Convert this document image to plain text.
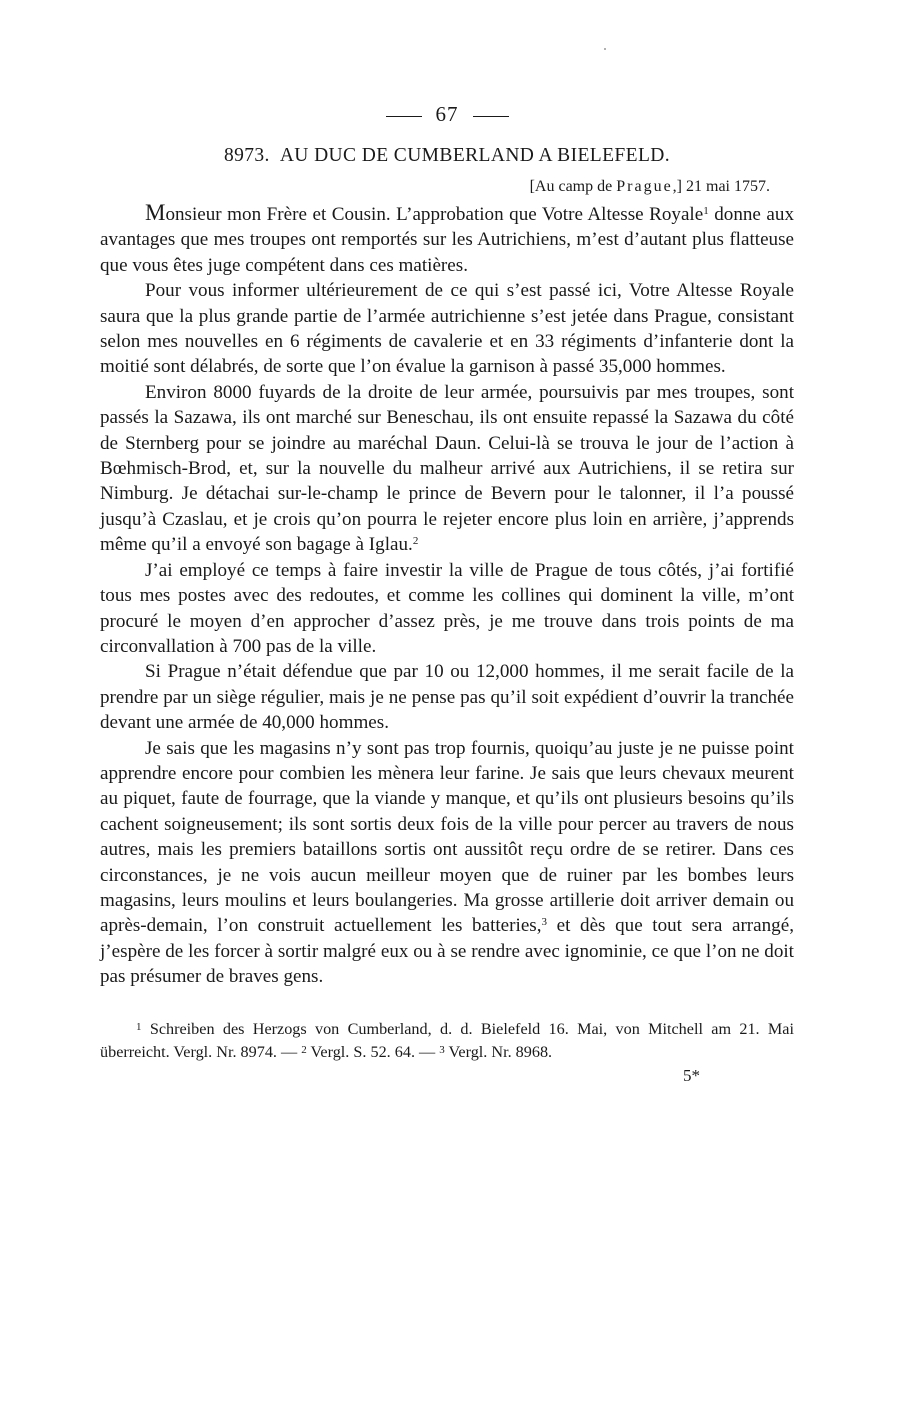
67
8973. AU DUC DE CUMBERLAND A BIELEFELD.
[Au camp de Prague,] 21 mai 1757.

Monsieur mon Frère et Cousin. L’approbation que Votre Altesse Royale$^1$ donne aux avantages que mes troupes ont remportés sur les Autrichiens, m’est d’autant plus flatteuse que vous êtes juge compétent dans ces matières.

Pour vous informer ultérieurement de ce qui s’est passé ici, Votre Altesse Royale saura que la plus grande partie de l’armée autrichienne s’est jetée dans Prague, consistant selon mes nouvelles en 6 régiments de cavalerie et en 33 régiments d’infanterie dont la moitié sont délabrés, de sorte que l’on évalue la garnison à passé 35,000 hommes.

Environ 8000 fuyards de la droite de leur armée, poursuivis par mes troupes, sont passés la Sazawa, ils ont marché sur Beneschau, ils ont ensuite repassé la Sazawa du côté de Sternberg pour se joindre au maréchal Daun. Celui-là se trouva le jour de l’action à Bœhmisch-Brod, et, sur la nouvelle du malheur arrivé aux Autrichiens, il se retira sur Nimburg. Je détachai sur-le-champ le prince de Bevern pour le talonner, il l’a poussé jusqu’à Czaslau, et je crois qu’on pourra le rejeter encore plus loin en arrière, j’apprends même qu’il a envoyé son bagage à Iglau.$^2$

J’ai employé ce temps à faire investir la ville de Prague de tous côtés, j’ai fortifié tous mes postes avec des redoutes, et comme les collines qui dominent la ville, m’ont procuré le moyen d’en approcher d’assez près, je me trouve dans trois points de ma circonvallation à 700 pas de la ville.

Si Prague n’était défendue que par 10 ou 12,000 hommes, il me serait facile de la prendre par un siège régulier, mais je ne pense pas qu’il soit expédient d’ouvrir la tranchée devant une armée de 40,000 hommes.

Je sais que les magasins n’y sont pas trop fournis, quoiqu’au juste je ne puisse point apprendre encore pour combien les mènera leur farine. Je sais que leurs chevaux meurent au piquet, faute de fourrage, que la viande y manque, et qu’ils ont plusieurs besoins qu’ils cachent soigneusement; ils sont sortis deux fois de la ville pour percer au travers de nous autres, mais les premiers bataillons sortis ont aussitôt reçu ordre de se retirer. Dans ces circonstances, je ne vois aucun meilleur moyen que de ruiner par les bombes leurs magasins, leurs moulins et leurs boulangeries. Ma grosse artillerie doit arriver demain ou après-demain, l’on construit actuellement les batteries,$^3$ et dès que tout sera arrangé, j’espère de les forcer à sortir malgré eux ou à se rendre avec ignominie, ce que l’on ne doit pas présumer de braves gens.

$^1$ Schreiben des Herzogs von Cumberland, d. d. Bielefeld 16. Mai, von Mitchell am 21. Mai überreicht. Vergl. Nr. 8974. — $^2$ Vergl. S. 52. 64. — $^3$ Vergl. Nr. 8968.

5*
